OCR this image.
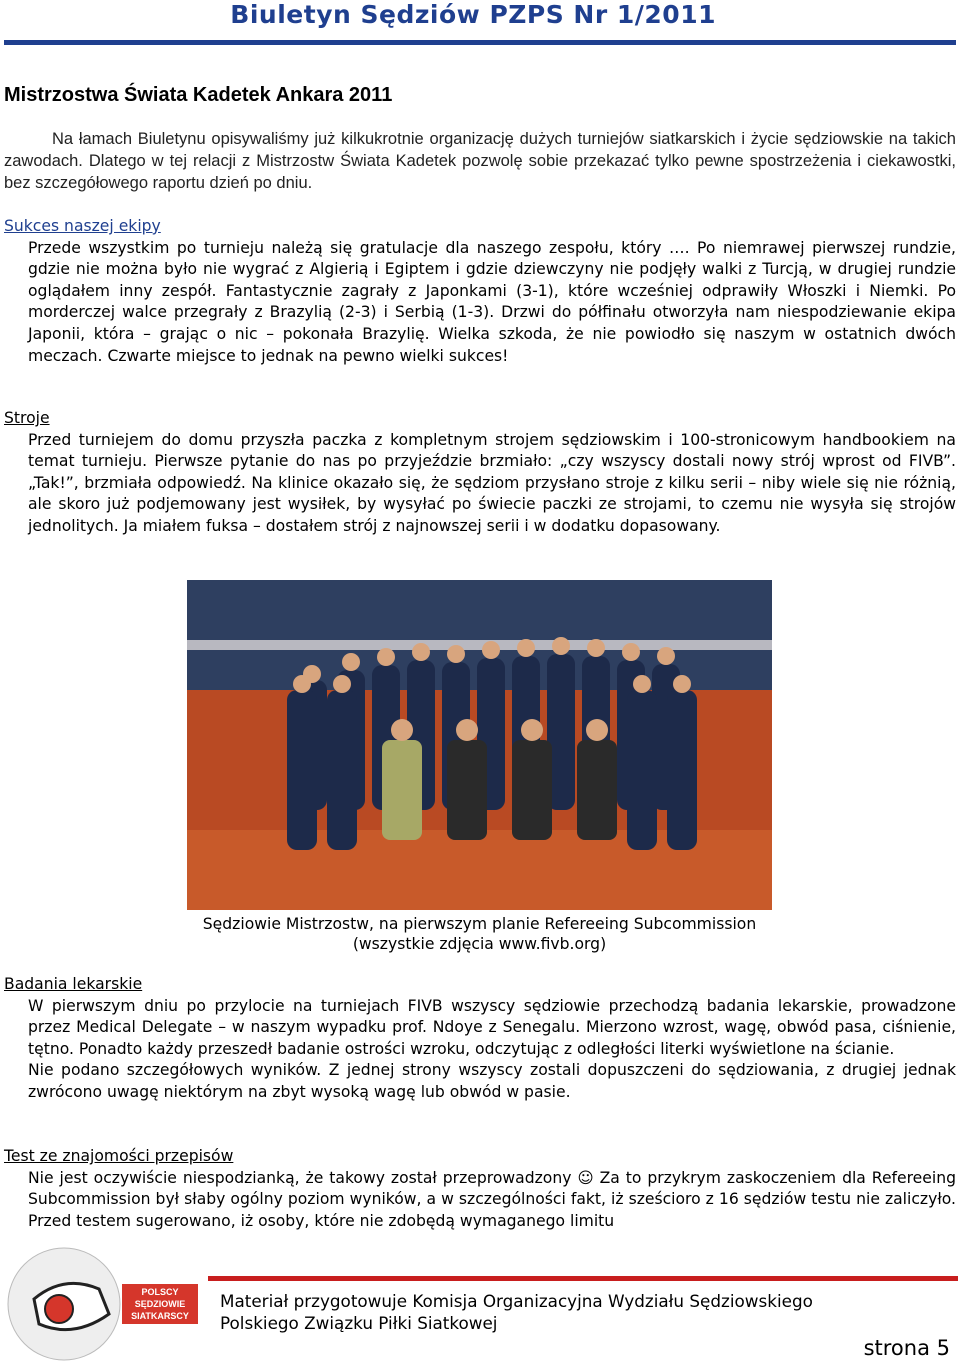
Biuletyn Sędziów PZPS Nr 1/2011
Mistrzostwa Świata Kadetek Ankara 2011
Na łamach Biuletynu opisywaliśmy już kilkukrotnie organizację dużych turniejów siatkarskich i życie sędziowskie na takich zawodach. Dlatego w tej relacji z Mistrzostw Świata Kadetek pozwolę sobie przekazać tylko pewne spostrzeżenia i ciekawostki, bez szczegółowego raportu dzień po dniu.
Sukces naszej ekipy
Przede wszystkim po turnieju należą się gratulacje dla naszego zespołu, który …. Po niemrawej pierwszej rundzie, gdzie nie można było nie wygrać z Algierią i Egiptem i gdzie dziewczyny nie podjęły walki z Turcją, w drugiej rundzie oglądałem inny zespół. Fantastycznie zagrały z Japonkami (3-1), które wcześniej odprawiły Włoszki i Niemki. Po morderczej walce przegrały z Brazylią (2-3) i Serbią (1-3). Drzwi do półfinału otworzyła nam niespodziewanie ekipa Japonii, która – grając o nic – pokonała Brazylię. Wielka szkoda, że nie powiodło się naszym w ostatnich dwóch meczach. Czwarte miejsce to jednak na pewno wielki sukces!
Stroje
Przed turniejem do domu przyszła paczka z kompletnym strojem sędziowskim i 100-stronicowym handbookiem na temat turnieju. Pierwsze pytanie do nas po przyjeździe brzmiało: „czy wszyscy dostali nowy strój wprost od FIVB”. „Tak!”, brzmiała odpowiedź. Na klinice okazało się, że sędziom przysłano stroje z kilku serii – niby wiele się nie różnią, ale skoro już podjemowany jest wysiłek, by wysyłać po świecie paczki ze strojami, to czemu nie wysyła się strojów jednolitych. Ja miałem fuksa – dostałem strój z najnowszej serii i w dodatku dopasowany.
Sędziowie Mistrzostw, na pierwszym planie Refereeing Subcommission
(wszystkie zdjęcia www.fivb.org)
Badania lekarskie
W pierwszym dniu po przylocie na turniejach FIVB wszyscy sędziowie przechodzą badania lekarskie, prowadzone przez Medical Delegate – w naszym wypadku prof. Ndoye z Senegalu. Mierzono wzrost, wagę, obwód pasa, ciśnienie, tętno. Ponadto każdy przeszedł badanie ostrości wzroku, odczytując z odległości literki wyświetlone na ścianie.
Nie podano szczegółowych wyników. Z jednej strony wszyscy zostali dopuszczeni do sędziowania, z drugiej jednak zwrócono uwagę niektórym na zbyt wysoką wagę lub obwód w pasie.
Test ze znajomości przepisów
Nie jest oczywiście niespodzianką, że takowy został przeprowadzony ☺ Za to przykrym zaskoczeniem dla Refereeing Subcommission był słaby ogólny poziom wyników, a w szczególności fakt, iż sześcioro z 16 sędziów testu nie zaliczyło. Przed testem sugerowano, iż osoby, które nie zdobędą wymaganego limitu
POLSCY SĘDZIOWIE SIATKARSCY
Materiał przygotowuje Komisja Organizacyjna Wydziału Sędziowskiego
Polskiego Związku Piłki Siatkowej
strona 5
